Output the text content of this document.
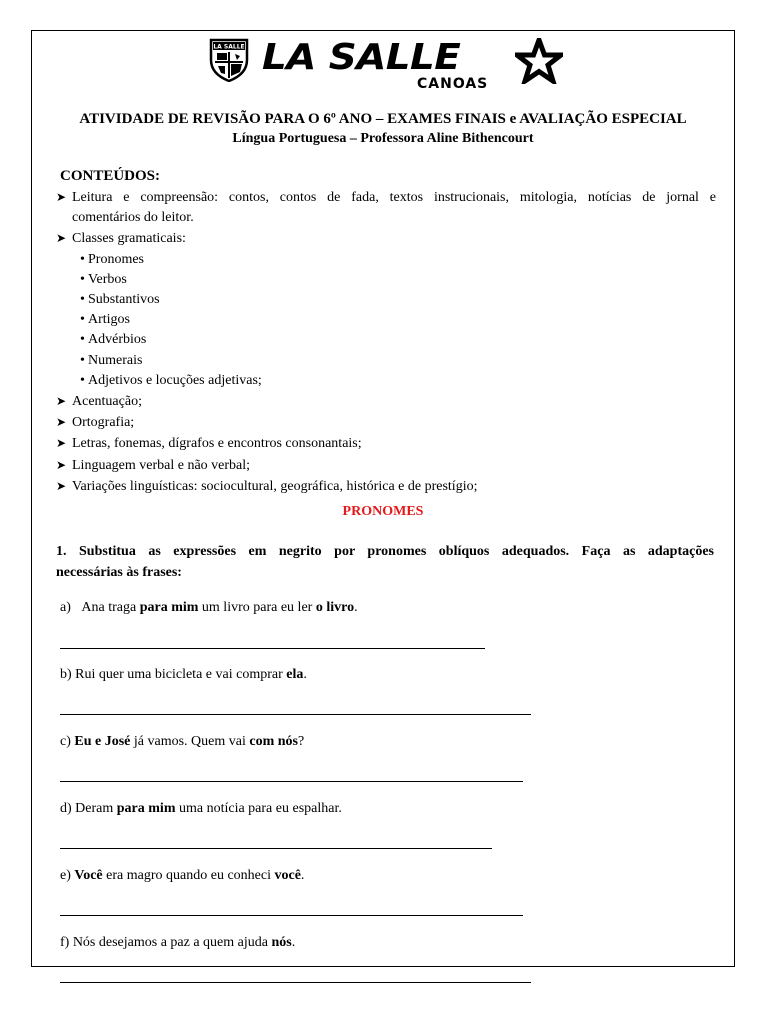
LA SALLE LA SALLE
CANOAS
ATIVIDADE DE REVISÃO PARA O 6º ANO – EXAMES FINAIS e AVALIAÇÃO ESPECIAL
Língua Portuguesa – Professora Aline Bithencourt
CONTEÚDOS:
➤ Leitura e compreensão: contos, contos de fada, textos instrucionais, mitologia, notícias de jornal e
comentários do leitor.
➤ Classes gramaticais:
• Pronomes
• Verbos
• Substantivos
• Artigos
• Advérbios
• Numerais
• Adjetivos e locuções adjetivas;
➤ Acentuação;
➤ Ortografia;
➤ Letras, fonemas, dígrafos e encontros consonantais;
➤ Linguagem verbal e não verbal;
➤ Variações linguísticas: sociocultural, geográfica, histórica e de prestígio;
PRONOMES
1. Substitua as expressões em negrito por pronomes oblíquos adequados. Faça as adaptações
necessárias às frases:
a) Ana traga para mim um livro para eu ler o livro.
b) Rui quer uma bicicleta e vai comprar ela.
c) Eu e José já vamos. Quem vai com nós?
d) Deram para mim uma notícia para eu espalhar.
e) Você era magro quando eu conheci você.
f) Nós desejamos a paz a quem ajuda nós.
